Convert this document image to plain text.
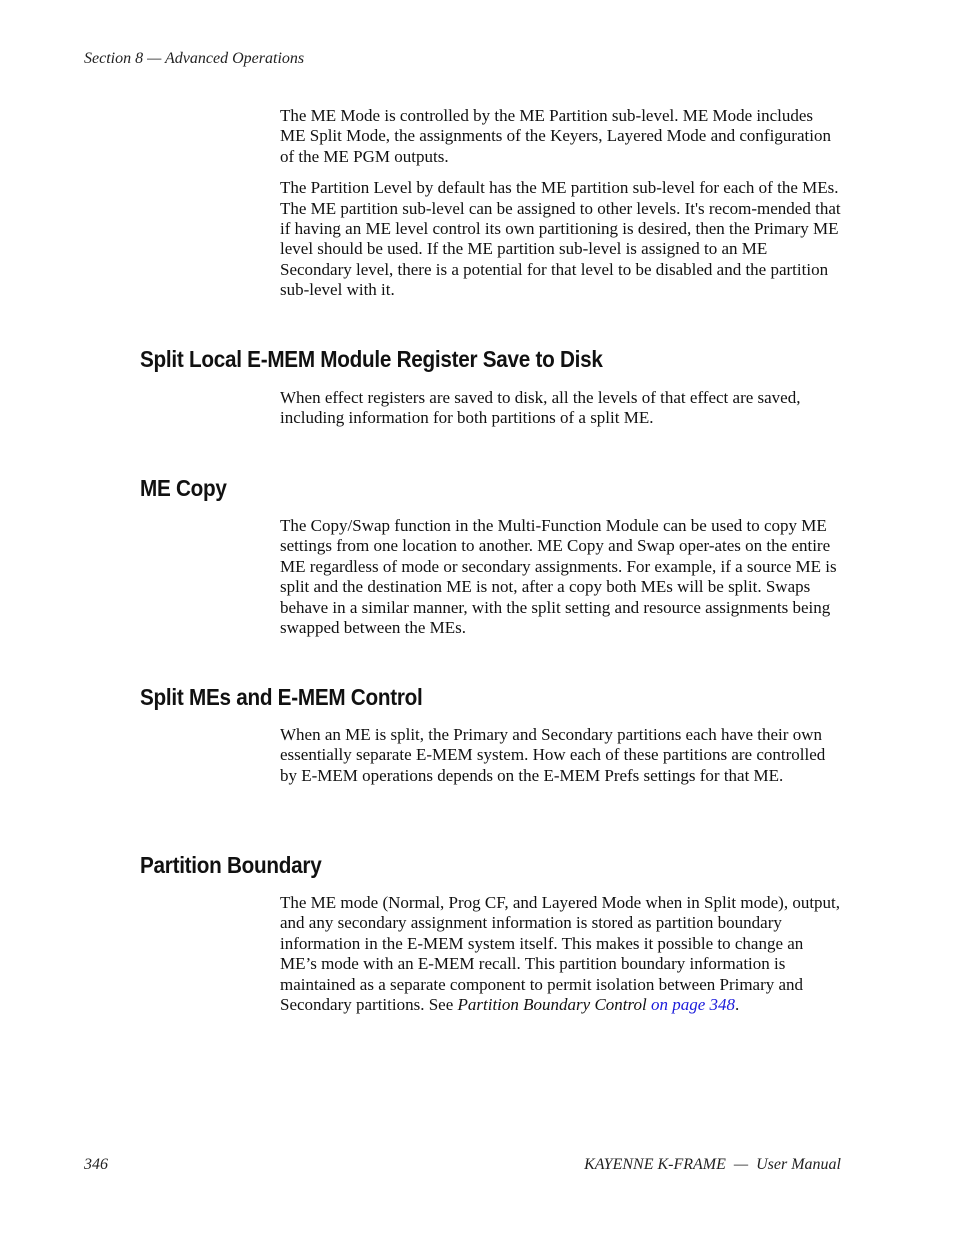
Section 8 — Advanced Operations

The ME Mode is controlled by the ME Partition sub-level. ME Mode includes ME Split Mode, the assignments of the Keyers, Layered Mode and configuration of the ME PGM outputs.

The Partition Level by default has the ME partition sub-level for each of the MEs. The ME partition sub-level can be assigned to other levels. It's recom-mended that if having an ME level control its own partitioning is desired, then the Primary ME level should be used. If the ME partition sub-level is assigned to an ME Secondary level, there is a potential for that level to be disabled and the partition sub-level with it.

Split Local E-MEM Module Register Save to Disk
When effect registers are saved to disk, all the levels of that effect are saved, including information for both partitions of a split ME.
ME Copy
The Copy/Swap function in the Multi-Function Module can be used to copy ME settings from one location to another. ME Copy and Swap oper-ates on the entire ME regardless of mode or secondary assignments. For example, if a source ME is split and the destination ME is not, after a copy both MEs will be split. Swaps behave in a similar manner, with the split setting and resource assignments being swapped between the MEs.
Split MEs and E-MEM Control
When an ME is split, the Primary and Secondary partitions each have their own essentially separate E-MEM system. How each of these partitions are controlled by E-MEM operations depends on the E-MEM Prefs settings for that ME.
Partition Boundary
The ME mode (Normal, Prog CF, and Layered Mode when in Split mode), output, and any secondary assignment information is stored as partition boundary information in the E-MEM system itself. This makes it possible to change an ME’s mode with an E-MEM recall. This partition boundary information is maintained as a separate component to permit isolation between Primary and Secondary partitions. See Partition Boundary Control on page 348.
346	KAYENNE K-FRAME  —  User Manual
